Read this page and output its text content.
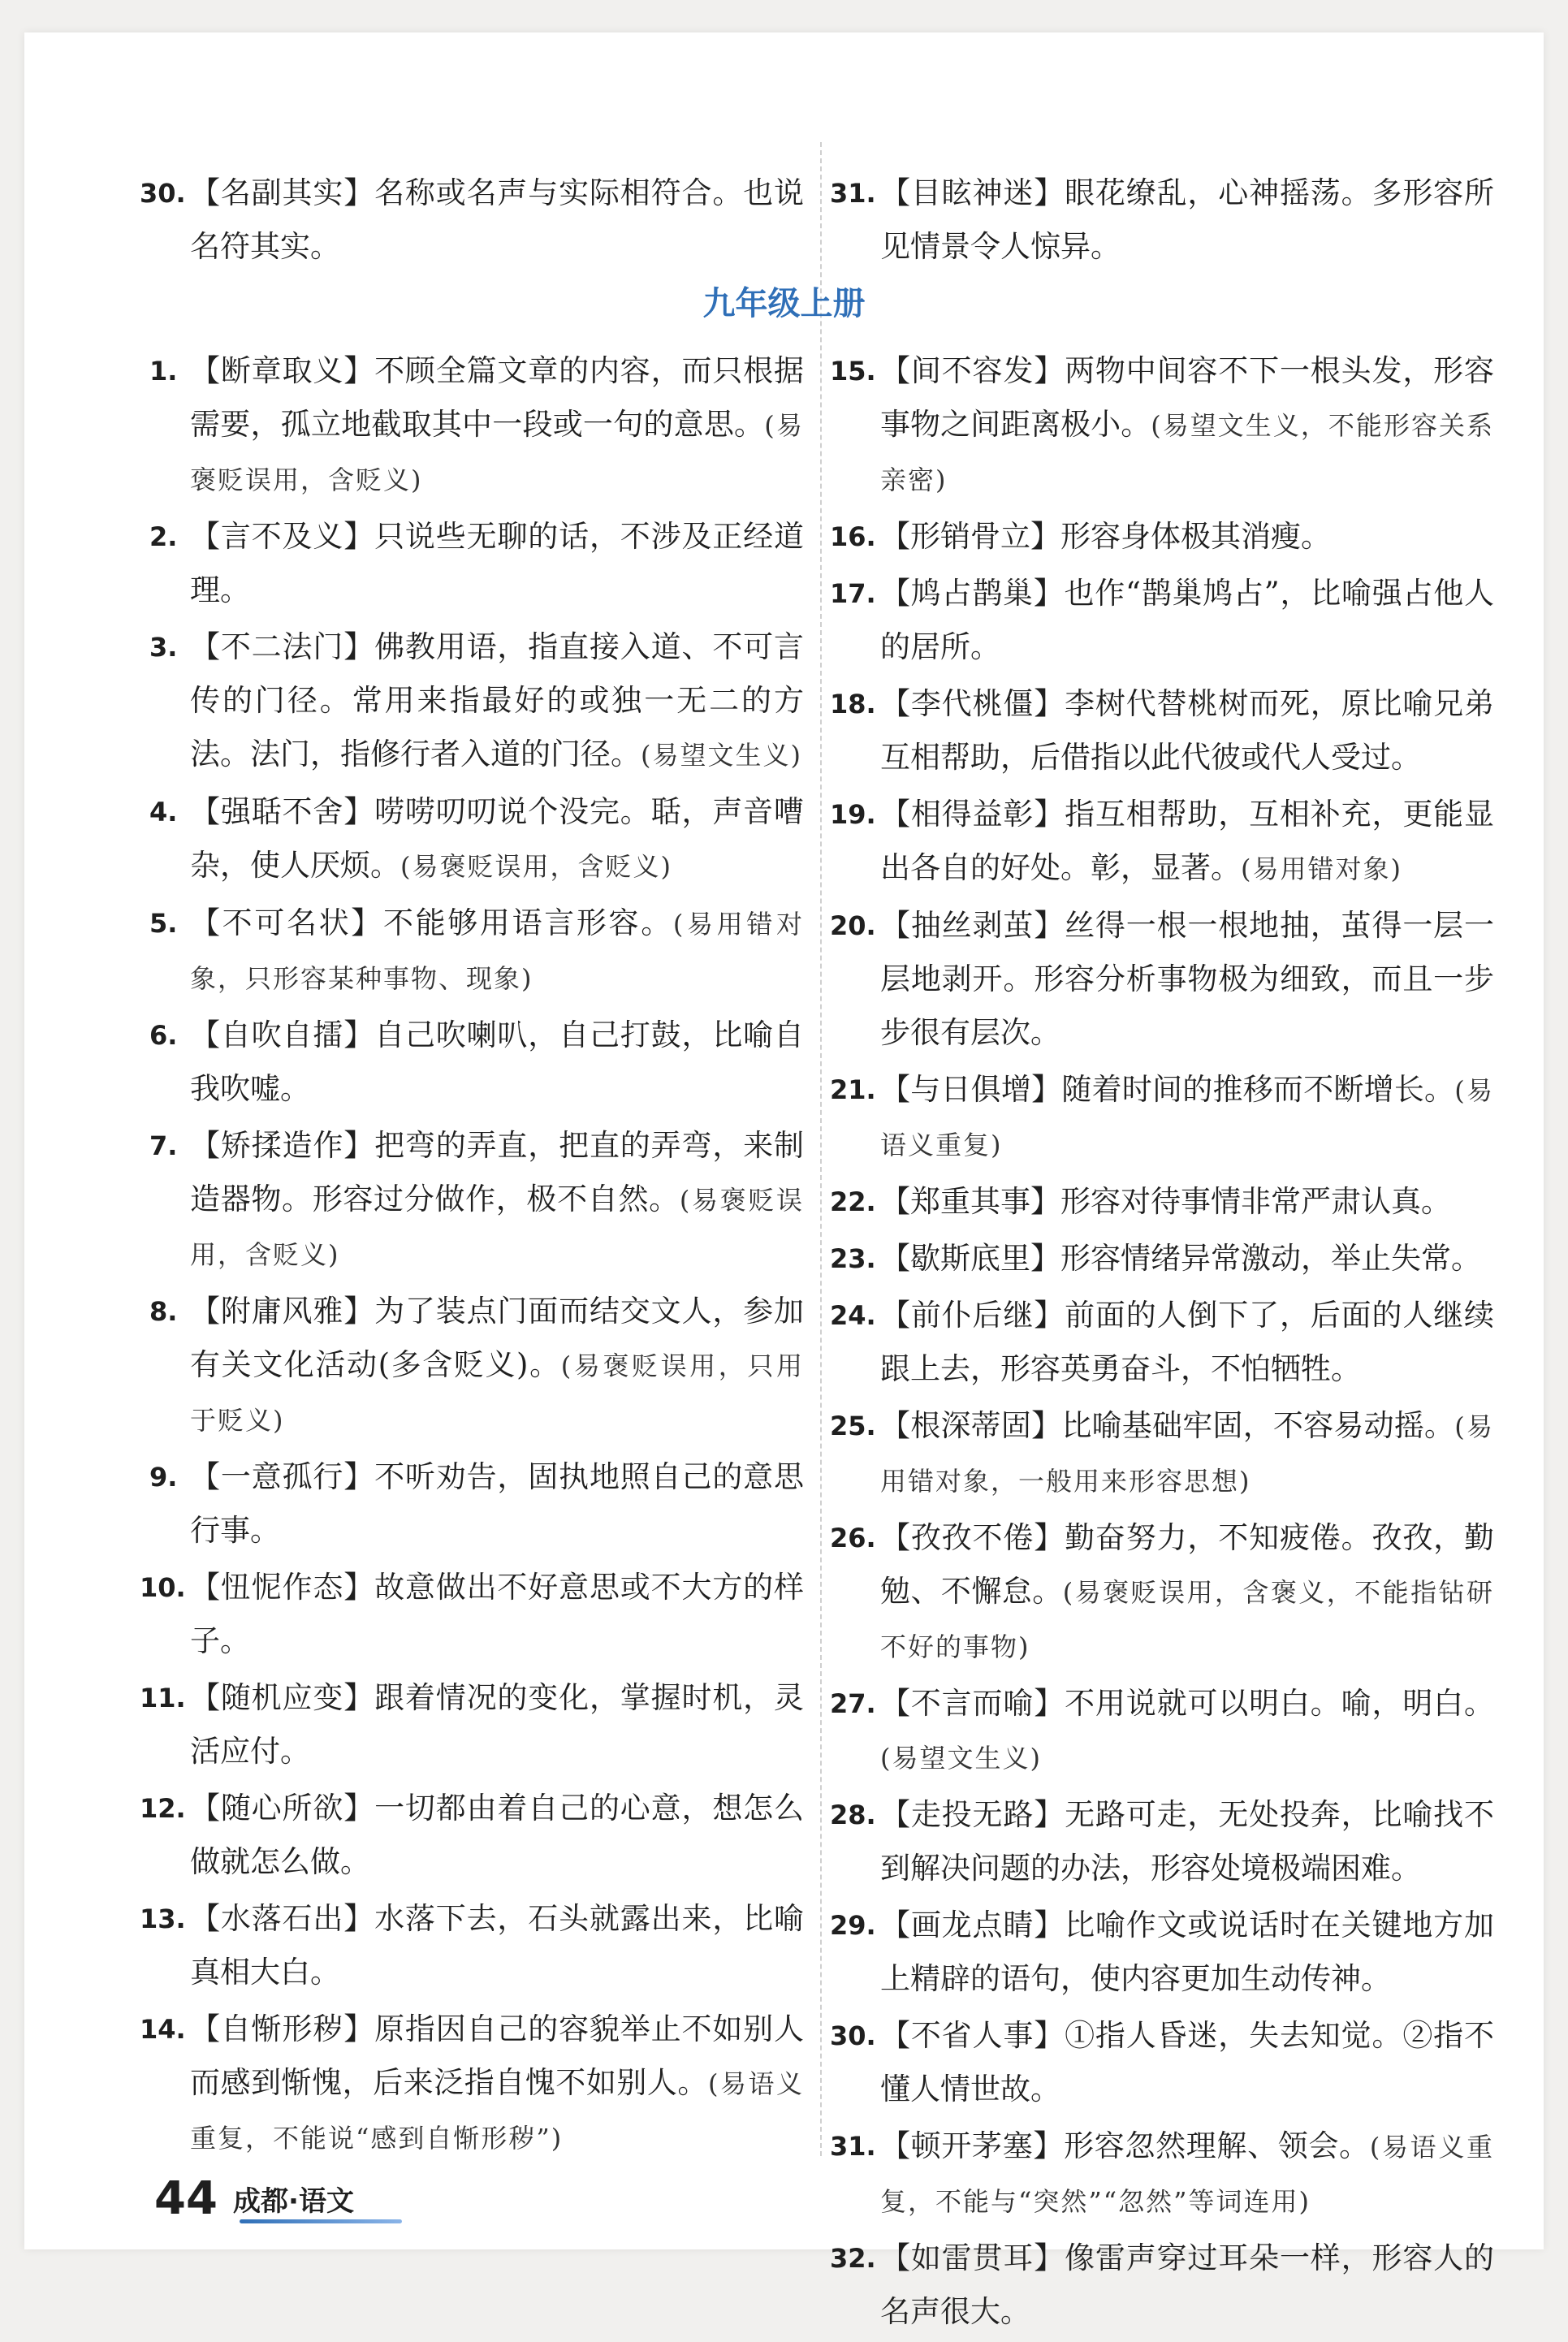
30. 【名副其实】名称或名声与实际相符合。也说名符其实。
31. 【目眩神迷】眼花缭乱，心神摇荡。多形容所见情景令人惊异。
九年级上册
1. 【断章取义】不顾全篇文章的内容，而只根据需要，孤立地截取其中一段或一句的意思。(易褒贬误用，含贬义)
2. 【言不及义】只说些无聊的话，不涉及正经道理。
3. 【不二法门】佛教用语，指直接入道、不可言传的门径。常用来指最好的或独一无二的方法。法门，指修行者入道的门径。(易望文生义)
4. 【强聒不舍】唠唠叨叨说个没完。聒，声音嘈杂，使人厌烦。(易褒贬误用，含贬义)
5. 【不可名状】不能够用语言形容。(易用错对象，只形容某种事物、现象)
6. 【自吹自擂】自己吹喇叭，自己打鼓，比喻自我吹嘘。
7. 【矫揉造作】把弯的弄直，把直的弄弯，来制造器物。形容过分做作，极不自然。(易褒贬误用，含贬义)
8. 【附庸风雅】为了装点门面而结交文人，参加有关文化活动(多含贬义)。(易褒贬误用，只用于贬义)
9. 【一意孤行】不听劝告，固执地照自己的意思行事。
10. 【忸怩作态】故意做出不好意思或不大方的样子。
11. 【随机应变】跟着情况的变化，掌握时机，灵活应付。
12. 【随心所欲】一切都由着自己的心意，想怎么做就怎么做。
13. 【水落石出】水落下去，石头就露出来，比喻真相大白。
14. 【自惭形秽】原指因自己的容貌举止不如别人而感到惭愧，后来泛指自愧不如别人。(易语义重复，不能说“感到自惭形秽”)
15. 【间不容发】两物中间容不下一根头发，形容事物之间距离极小。(易望文生义，不能形容关系亲密)
16. 【形销骨立】形容身体极其消瘦。
17. 【鸠占鹊巢】也作“鹊巢鸠占”，比喻强占他人的居所。
18. 【李代桃僵】李树代替桃树而死，原比喻兄弟互相帮助，后借指以此代彼或代人受过。
19. 【相得益彰】指互相帮助，互相补充，更能显出各自的好处。彰，显著。(易用错对象)
20. 【抽丝剥茧】丝得一根一根地抽，茧得一层一层地剥开。形容分析事物极为细致，而且一步步很有层次。
21. 【与日俱增】随着时间的推移而不断增长。(易语义重复)
22. 【郑重其事】形容对待事情非常严肃认真。
23. 【歇斯底里】形容情绪异常激动，举止失常。
24. 【前仆后继】前面的人倒下了，后面的人继续跟上去，形容英勇奋斗，不怕牺牲。
25. 【根深蒂固】比喻基础牢固，不容易动摇。(易用错对象，一般用来形容思想)
26. 【孜孜不倦】勤奋努力，不知疲倦。孜孜，勤勉、不懈怠。(易褒贬误用，含褒义，不能指钻研不好的事物)
27. 【不言而喻】不用说就可以明白。喻，明白。(易望文生义)
28. 【走投无路】无路可走，无处投奔，比喻找不到解决问题的办法，形容处境极端困难。
29. 【画龙点睛】比喻作文或说话时在关键地方加上精辟的语句，使内容更加生动传神。
30. 【不省人事】①指人昏迷，失去知觉。②指不懂人情世故。
31. 【顿开茅塞】形容忽然理解、领会。(易语义重复，不能与“突然”“忽然”等词连用)
32. 【如雷贯耳】像雷声穿过耳朵一样，形容人的名声很大。
44 成都·语文
